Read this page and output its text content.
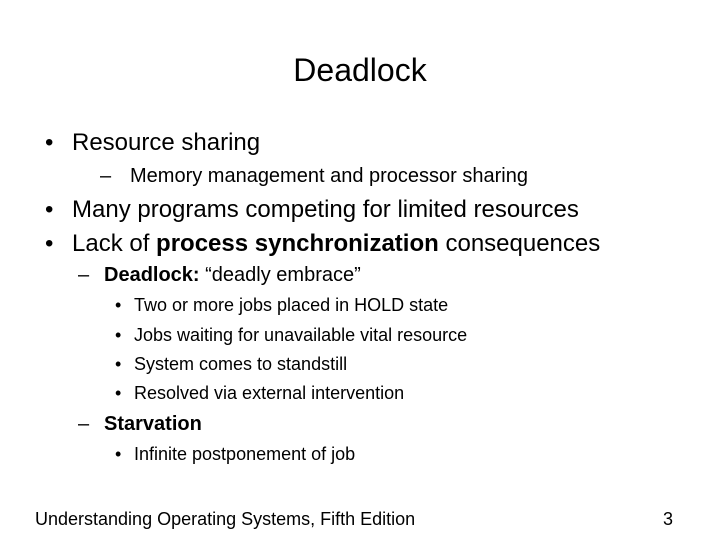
Deadlock
• Resource sharing
– Memory management and processor sharing
• Many programs competing for limited resources
• Lack of process synchronization consequences
– Deadlock: “deadly embrace”
• Two or more jobs placed in HOLD state
• Jobs waiting for unavailable vital resource
• System comes to standstill
• Resolved via external intervention
– Starvation
• Infinite postponement of job
Understanding Operating Systems, Fifth Edition	3
